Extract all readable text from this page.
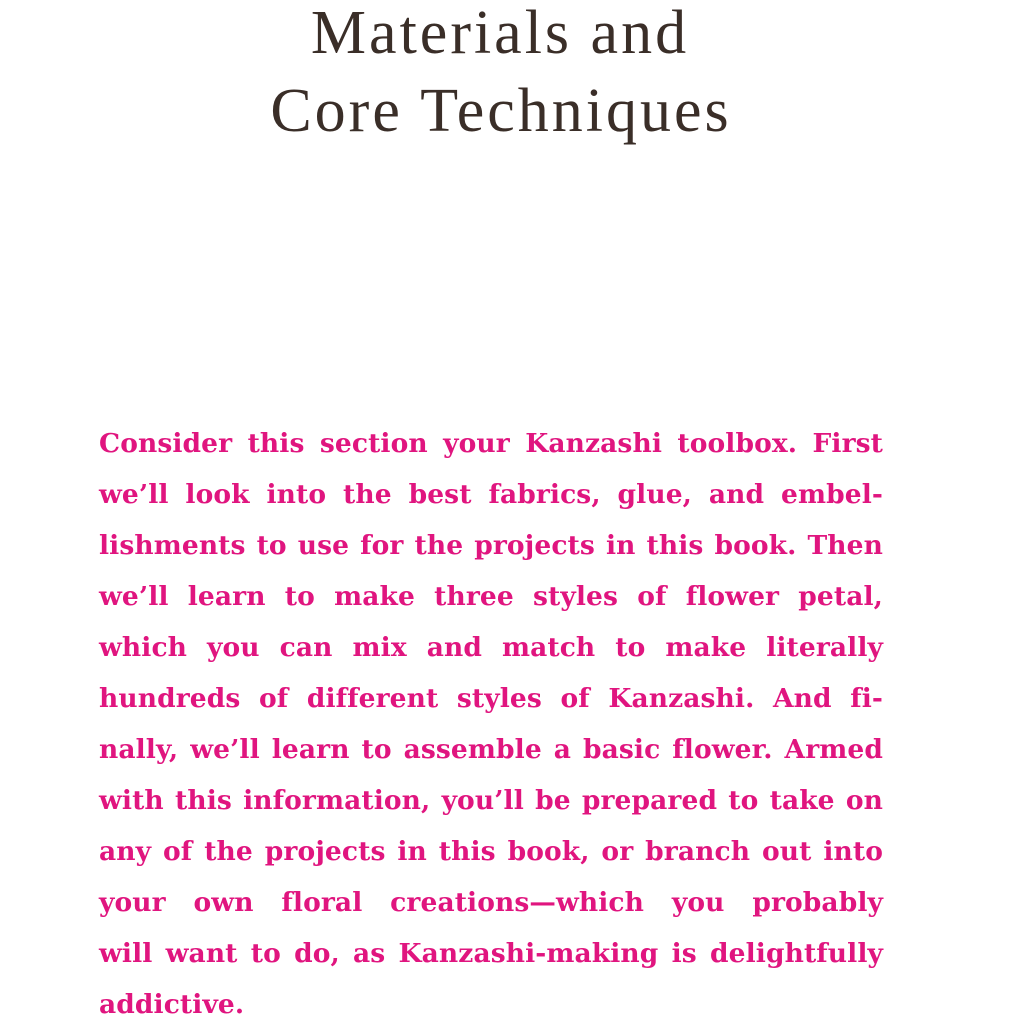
Materials and
Core Techniques

Consider this section your Kanzashi toolbox. First
we’ll look into the best fabrics, glue, and embel-
lishments to use for the projects in this book. Then
we’ll learn to make three styles of flower petal,
which you can mix and match to make literally
hundreds of different styles of Kanzashi. And fi-
nally, we’ll learn to assemble a basic flower. Armed
with this information, you’ll be prepared to take on
any of the projects in this book, or branch out into
your own floral creations—which you probably
will want to do, as Kanzashi-making is delightfully
addictive.
